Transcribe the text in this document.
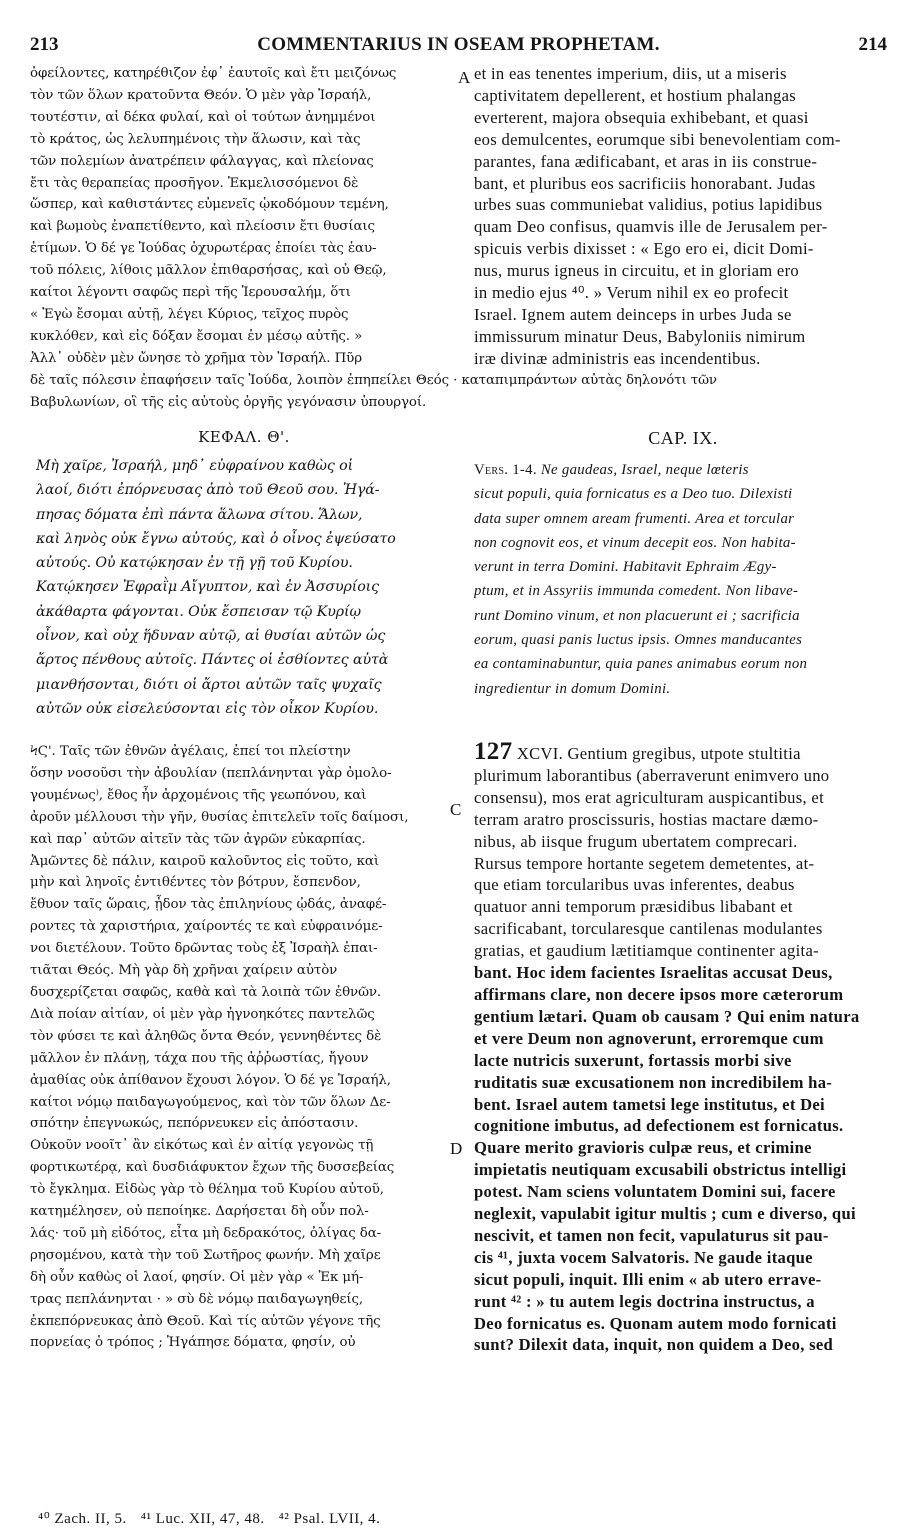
213	COMMENTARIUS IN OSEAM PROPHETAM.	214
ὀφείλοντες, κατηρέθιζον ἐφ᾽ ἑαυτοῖς καὶ ἔτι μειζόνως
τὸν τῶν ὅλων κρατοῦντα Θεόν. Ὁ μὲν γὰρ Ἰσραήλ,
τουτέστιν, αἱ δέκα φυλαί, καὶ οἱ τούτων ἀνημμένοι
τὸ κράτος, ὡς λελυπημένοις τὴν ἅλωσιν, καὶ τὰς
τῶν πολεμίων ἀνατρέπειν φάλαγγας, καὶ πλείονας
ἔτι τὰς θεραπείας προσῆγον. Ἐκμελισσόμενοι δὲ
ὥσπερ, καὶ καθιστάντες εὐμενεῖς ᾠκοδόμουν τεμένη,
καὶ βωμοὺς ἐναπετίθεντο, καὶ πλείοσιν ἔτι θυσίαις
ἐτίμων. Ὁ δέ γε Ἰούδας ὀχυρωτέρας ἐποίει τὰς ἑαυ-
τοῦ πόλεις, λίθοις μᾶλλον ἐπιθαρσήσας, καὶ οὐ Θεῷ,
καίτοι λέγοντι σαφῶς περὶ τῆς Ἱερουσαλήμ, ὅτι
« Ἐγὼ ἔσομαι αὐτῇ, λέγει Κύριος, τεῖχος πυρὸς
κυκλόθεν, καὶ εἰς δόξαν ἔσομαι ἐν μέσῳ αὐτῆς. »
Ἀλλ᾽ οὐδὲν μὲν ὤνησε τὸ χρῆμα τὸν Ἰσραήλ. Πῦρ
et in eas tenentes imperium, diis, ut a miseris
captivitatem depellerent, et hostium phalangas
everterent, majora obsequia exhibebant, et quasi
eos demulcentes, eorumque sibi benevolentiam com-
parantes, fana ædificabant, et aras in iis construe-
bant, et pluribus eos sacrificiis honorabant. Judas
urbes suas communiebat validius, potius lapidibus
quam Deo confisus, quamvis ille de Jerusalem per-
spicuis verbis dixisset : « Ego ero ei, dicit Domi-
nus, murus igneus in circuitu, et in gloriam ero
in medio ejus ⁴⁰. » Verum nihil ex eo profecit
Israel. Ignem autem deinceps in urbes Juda se
immissurum minatur Deus, Babyloniis nimirum
iræ divinæ administris eas incendentibus.
δὲ ταῖς πόλεσιν ἐπαφήσειν ταῖς Ἰούδα, λοιπὸν ἐπηπείλει Θεός · καταπιμπράντων αὐτὰς δηλονότι τῶν
Βαβυλωνίων, οἳ τῆς εἰς αὐτοὺς ὀργῆς γεγόνασιν ὑπουργοί.
A
C
D
ΚΕΦΑΛ. Θ'.	CAP. IX.
Μὴ χαῖρε, Ἰσραήλ, μηδ᾽ εὐφραίνου καθὼς οἱ
λαοί, διότι ἐπόρνευσας ἀπὸ τοῦ Θεοῦ σου. Ἠγά-
πησας δόματα ἐπὶ πάντα ἅλωνα σίτου. Ἅλων,
καὶ ληνὸς οὐκ ἔγνω αὐτούς, καὶ ὁ οἶνος ἐψεύσατο
αὐτούς. Οὐ κατῴκησαν ἐν τῇ γῇ τοῦ Κυρίου.
Κατῴκησεν Ἐφραῒμ Αἴγυπτον, καὶ ἐν Ἀσσυρίοις
ἀκάθαρτα φάγονται. Οὐκ ἔσπεισαν τῷ Κυρίῳ
οἶνον, καὶ οὐχ ἥδυναν αὐτῷ, αἱ θυσίαι αὐτῶν ὡς
ἄρτος πένθους αὐτοῖς. Πάντες οἱ ἐσθίοντες αὐτὰ
μιανθήσονται, διότι οἱ ἄρτοι αὐτῶν ταῖς ψυχαῖς
αὐτῶν οὐκ εἰσελεύσονται εἰς τὸν οἶκον Κυρίου.
Vers. 1-4. Ne gaudeas, Israel, neque lœteris
sicut populi, quia fornicatus es a Deo tuo. Dilexisti
data super omnem aream frumenti. Area et torcular
non cognovit eos, et vinum decepit eos. Non habita-
verunt in terra Domini. Habitavit Ephraim Ægy-
ptum, et in Assyriis immunda comedent. Non libave-
runt Domino vinum, et non placuerunt ei ; sacrificia
eorum, quasi panis luctus ipsis. Omnes manducantes
ea contaminabuntur, quia panes animabus eorum non
ingredientur in domum Domini.
ϞϚ'. Ταῖς τῶν ἐθνῶν ἀγέλαις, ἐπεί τοι πλείστην
ὅσην νοσοῦσι τὴν ἀβουλίαν (πεπλάνηνται γὰρ ὁμολο-
γουμένως⁾, ἔθος ἦν ἀρχομένοις τῆς γεωπόνου, καὶ
ἀροῦν μέλλουσι τὴν γῆν, θυσίας ἐπιτελεῖν τοῖς δαίμοσι,
καὶ παρ᾽ αὐτῶν αἰτεῖν τὰς τῶν ἀγρῶν εὐκαρπίας.
Ἀμῶντες δὲ πάλιν, καιροῦ καλοῦντος εἰς τοῦτο, καὶ
μὴν καὶ ληνοῖς ἐντιθέντες τὸν βότρυν, ἔσπενδον,
ἔθυον ταῖς ὥραις, ᾖδον τὰς ἐπιληνίους ᾠδάς, ἀναφέ-
ροντες τὰ χαριστήρια, χαίροντές τε καὶ εὐφραινόμε-
νοι διετέλουν. Τοῦτο δρῶντας τοὺς ἐξ Ἰσραὴλ ἐπαι-
τιᾶται Θεός. Μὴ γὰρ δὴ χρῆναι χαίρειν αὐτὸν
δυσχερίζεται σαφῶς, καθὰ καὶ τὰ λοιπὰ τῶν ἐθνῶν.
Διὰ ποίαν αἰτίαν, οἱ μὲν γὰρ ἠγνοηκότες παντελῶς
τὸν φύσει τε καὶ ἀληθῶς ὄντα Θεόν, γεννηθέντες δὲ
μᾶλλον ἐν πλάνῃ, τάχα που τῆς ἀῤῥωστίας, ἤγουν
ἀμαθίας οὐκ ἀπίθανον ἔχουσι λόγον. Ὁ δέ γε Ἰσραήλ,
καίτοι νόμῳ παιδαγωγούμενος, καὶ τὸν τῶν ὅλων Δε-
σπότην ἐπεγνωκώς, πεπόρνευκεν εἰς ἀπόστασιν.
Οὐκοῦν νοοῖτ᾽ ἂν εἰκότως καὶ ἐν αἰτίᾳ γεγονὼς τῇ
φορτικωτέρᾳ, καὶ δυσδιάφυκτον ἔχων τῆς δυσσεβείας
τὸ ἔγκλημα. Εἰδὼς γὰρ τὸ θέλημα τοῦ Κυρίου αὐτοῦ,
κατημέλησεν, οὐ πεποίηκε. Δαρήσεται δὴ οὖν πολ-
λάς· τοῦ μὴ εἰδότος, εἶτα μὴ δεδρακότος, ὀλίγας δα-
ρησομένου, κατὰ τὴν τοῦ Σωτῆρος φωνήν. Μὴ χαῖρε
δὴ οὖν καθὼς οἱ λαοί, φησίν. Οἱ μὲν γὰρ « Ἐκ μή-
τρας πεπλάνηνται · » σὺ δὲ νόμῳ παιδαγωγηθείς,
ἐκπεπόρνευκας ἀπὸ Θεοῦ. Καὶ τίς αὐτῶν γέγονε τῆς
πορνείας ὁ τρόπος ; Ἠγάπησε δόματα, φησίν, οὐ
127 XCVI. Gentium gregibus, utpote stultitia
plurimum laborantibus (aberraverunt enimvero uno
consensu), mos erat agriculturam auspicantibus, et
terram aratro proscissuris, hostias mactare dæmo-
nibus, ab iisque frugum ubertatem comprecari.
Rursus tempore hortante segetem demetentes, at-
que etiam torcularibus uvas inferentes, deabus
quatuor anni temporum præsidibus libabant et
sacrificabant, torcularesque cantilenas modulantes
gratias, et gaudium lætitiamque continenter agita-
bant. Hoc idem facientes Israelitas accusat Deus,
affirmans clare, non decere ipsos more cæterorum
gentium lætari. Quam ob causam ? Qui enim natura
et vere Deum non agnoverunt, erroremque cum
lacte nutricis suxerunt, fortassis morbi sive
ruditatis suæ excusationem non incredibilem ha-
bent. Israel autem tametsi lege institutus, et Dei
cognitione imbutus, ad defectionem est fornicatus.
Quare merito gravioris culpæ reus, et crimine
impietatis neutiquam excusabili obstrictus intelligi
potest. Nam sciens voluntatem Domini sui, facere
neglexit, vapulabit igitur multis ; cum e diverso, qui
nescivit, et tamen non fecit, vapulaturus sit pau-
cis ⁴¹, juxta vocem Salvatoris. Ne gaude itaque
sicut populi, inquit. Illi enim « ab utero errave-
runt ⁴² : » tu autem legis doctrina instructus, a
Deo fornicatus es. Quonam autem modo fornicati
sunt? Dilexit data, inquit, non quidem a Deo, sed
⁴⁰ Zach. II, 5. ⁴¹ Luc. XII, 47, 48. ⁴² Psal. LVII, 4.
